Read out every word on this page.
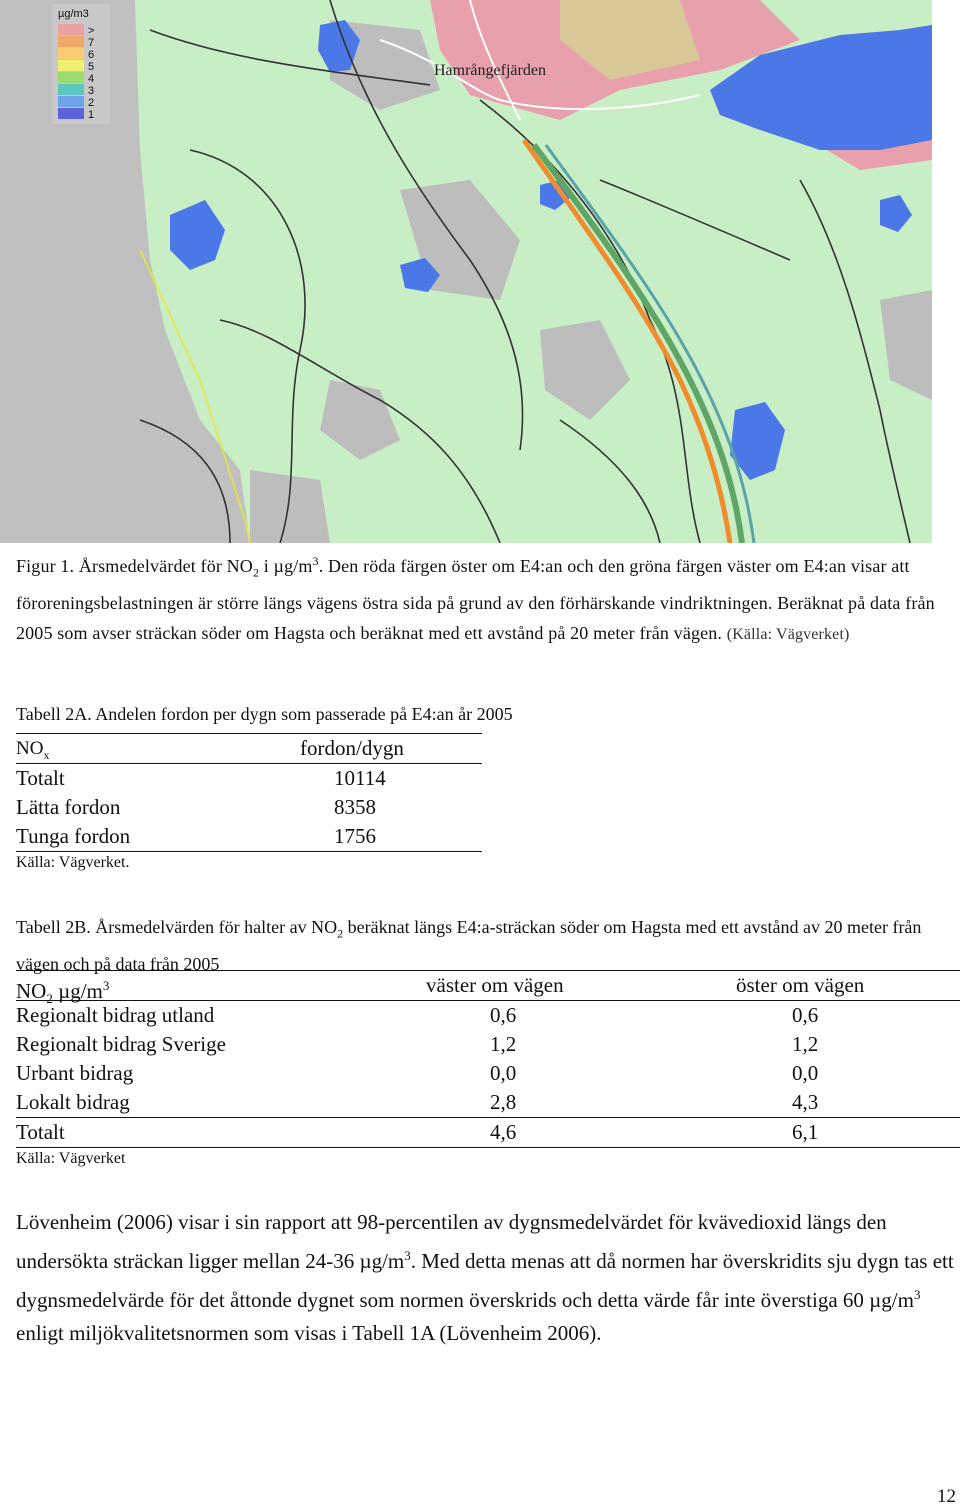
µg/m3
>
7
6
5
4
3
2
1
Hamrångefjärden
Figur 1. Årsmedelvärdet för $NO_2$ i $\mu g/m^3$. Den röda färgen öster om E4:an och den gröna färgen väster om E4:an visar att föroreningsbelastningen är större längs vägens östra sida på grund av den förhärskande vindriktningen. Beräknat på data från 2005 som avser sträckan söder om Hagsta och beräknat med ett avstånd på 20 meter från vägen. (Källa: Vägverket)
Tabell 2A. Andelen fordon per dygn som passerade på E4:an år 2005
$NO_x$	fordon/dygn
Totalt	10114
Lätta fordon	8358
Tunga fordon	1756
Källa: Vägverket.
Tabell 2B. Årsmedelvärden för halter av $NO_2$ beräknat längs E4:a-sträckan söder om Hagsta med ett avstånd av 20 meter från vägen och på data från 2005
$NO_2$ $\mu g/m^3$	väster om vägen	öster om vägen
Regionalt bidrag utland	0,6	0,6
Regionalt bidrag Sverige	1,2	1,2
Urbant bidrag	0,0	0,0
Lokalt bidrag	2,8	4,3
Totalt	4,6	6,1
Källa: Vägverket
Lövenheim (2006) visar i sin rapport att 98-percentilen av dygnsmedelvärdet för kvävedioxid längs den undersökta sträckan ligger mellan 24-36 $\mu g/m^3$. Med detta menas att då normen har överskridits sju dygn tas ett dygnsmedelvärde för det åttonde dygnet som normen överskrids och detta värde får inte överstiga 60 $\mu g/m^3$ enligt miljökvalitetsnormen som visas i Tabell 1A (Lövenheim 2006).
12
